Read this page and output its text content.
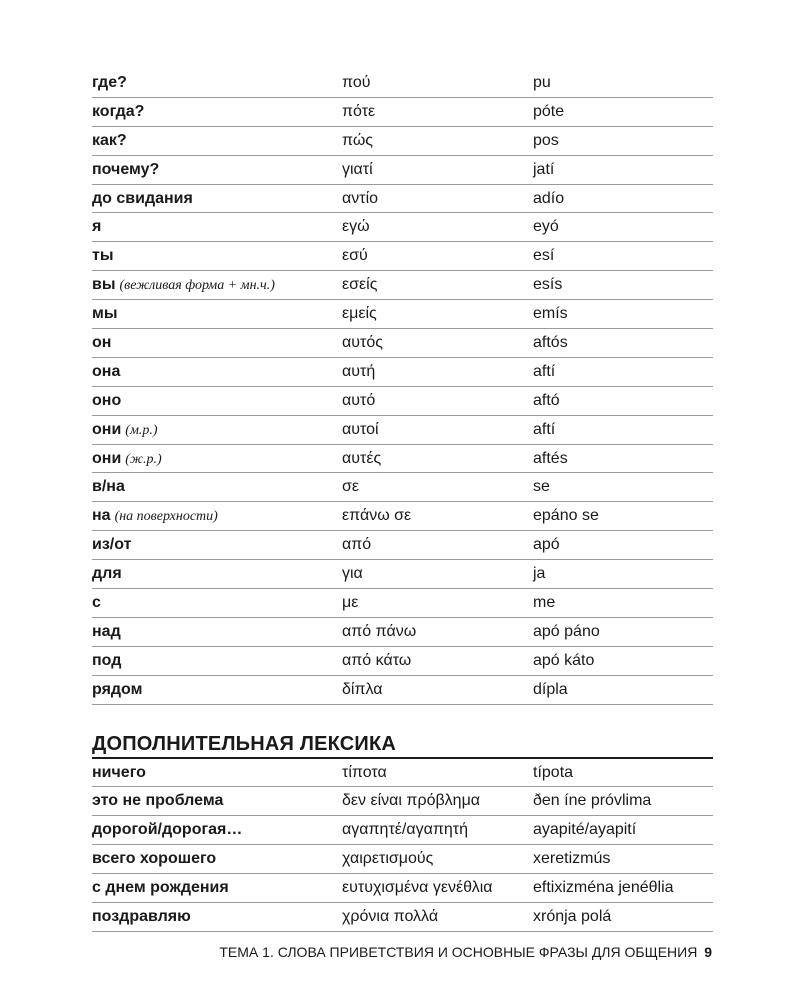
где?	πού	pu
когда?	πότε	póte
как?	πώς	pos
почему?	γιατί	jatí
до свидания	αντίο	adío
я	εγώ	eyó
ты	εσύ	esí
вы (вежливая форма + мн.ч.)	εσείς	esís
мы	εμείς	emís
он	αυτός	aftós
она	αυτή	aftí
оно	αυτό	aftó
они (м.р.)	αυτοί	aftí
они (ж.р.)	αυτές	aftés
в/на	σε	se
на (на поверхности)	επάνω σε	epáno se
из/от	από	apó
для	για	ja
с	με	me
над	από πάνω	apó páno
под	από κάτω	apó káto
рядом	δίπλα	dípla
ДОПОЛНИТЕЛЬНАЯ ЛЕКСИКА
ничего	τίποτα	típota
это не проблема	δεν είναι πρόβλημα	ðen íne próvlima
дорогой/дорогая…	αγαπητέ/αγαπητή	ayapité/ayapití
всего хорошего	χαιρετισμούς	xeretizmús
с днем рождения	ευτυχισμένα γενέθλια	eftixizména jenéθlia
поздравляю	χρόνια πολλά	xrónja polá
ТЕМА 1. СЛОВА ПРИВЕТСТВИЯ И ОСНОВНЫЕ ФРАЗЫ ДЛЯ ОБЩЕНИЯ 9
